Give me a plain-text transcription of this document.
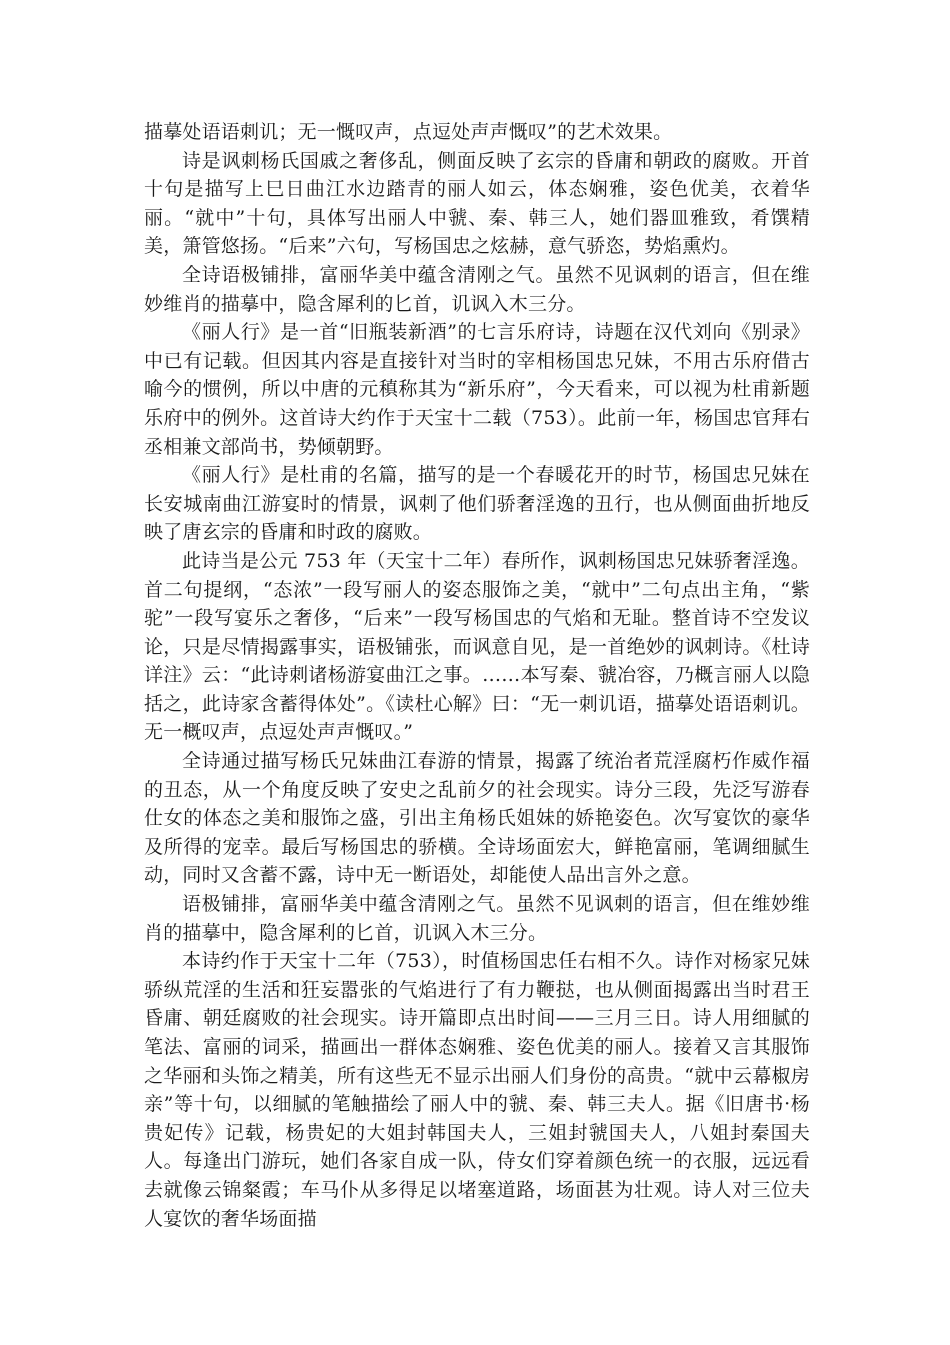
描摹处语语刺讥；无一慨叹声，点逗处声声慨叹”的艺术效果。

诗是讽刺杨氏国戚之奢侈乱，侧面反映了玄宗的昏庸和朝政的腐败。开首十句是描写上巳日曲江水边踏青的丽人如云，体态娴雅，姿色优美，衣着华丽。“就中”十句，具体写出丽人中虢、秦、韩三人，她们器皿雅致，肴馔精美，箫管悠扬。“后来”六句，写杨国忠之炫赫，意气骄恣，势焰熏灼。

全诗语极铺排，富丽华美中蕴含清刚之气。虽然不见讽刺的语言，但在维妙维肖的描摹中，隐含犀利的匕首，讥讽入木三分。

《丽人行》是一首“旧瓶装新酒”的七言乐府诗，诗题在汉代刘向《别录》中已有记载。但因其内容是直接针对当时的宰相杨国忠兄妹，不用古乐府借古喻今的惯例，所以中唐的元稹称其为“新乐府”，今天看来，可以视为杜甫新题乐府中的例外。这首诗大约作于天宝十二载（753）。此前一年，杨国忠官拜右丞相兼文部尚书，势倾朝野。

《丽人行》是杜甫的名篇，描写的是一个春暖花开的时节，杨国忠兄妹在长安城南曲江游宴时的情景，讽刺了他们骄奢淫逸的丑行，也从侧面曲折地反映了唐玄宗的昏庸和时政的腐败。

此诗当是公元 753 年（天宝十二年）春所作，讽刺杨国忠兄妹骄奢淫逸。首二句提纲，“态浓”一段写丽人的姿态服饰之美，“就中”二句点出主角，“紫驼”一段写宴乐之奢侈，“后来”一段写杨国忠的气焰和无耻。整首诗不空发议论，只是尽情揭露事实，语极铺张，而讽意自见，是一首绝妙的讽刺诗。《杜诗详注》云：“此诗刺诸杨游宴曲江之事。……本写秦、虢冶容，乃概言丽人以隐括之，此诗家含蓄得体处”。《读杜心解》曰：“无一刺讥语，描摹处语语刺讥。无一概叹声，点逗处声声慨叹。”

全诗通过描写杨氏兄妹曲江春游的情景，揭露了统治者荒淫腐朽作威作福的丑态，从一个角度反映了安史之乱前夕的社会现实。诗分三段，先泛写游春仕女的体态之美和服饰之盛，引出主角杨氏姐妹的娇艳姿色。次写宴饮的豪华及所得的宠幸。最后写杨国忠的骄横。全诗场面宏大，鲜艳富丽，笔调细腻生动，同时又含蓄不露，诗中无一断语处，却能使人品出言外之意。

语极铺排，富丽华美中蕴含清刚之气。虽然不见讽刺的语言，但在维妙维肖的描摹中，隐含犀利的匕首，讥讽入木三分。

本诗约作于天宝十二年（753），时值杨国忠任右相不久。诗作对杨家兄妹骄纵荒淫的生活和狂妄嚣张的气焰进行了有力鞭挞，也从侧面揭露出当时君王昏庸、朝廷腐败的社会现实。诗开篇即点出时间——三月三日。诗人用细腻的笔法、富丽的词采，描画出一群体态娴雅、姿色优美的丽人。接着又言其服饰之华丽和头饰之精美，所有这些无不显示出丽人们身份的高贵。“就中云幕椒房亲”等十句，以细腻的笔触描绘了丽人中的虢、秦、韩三夫人。据《旧唐书·杨贵妃传》记载，杨贵妃的大姐封韩国夫人，三姐封虢国夫人，八姐封秦国夫人。每逢出门游玩，她们各家自成一队，侍女们穿着颜色统一的衣服，远远看去就像云锦粲霞；车马仆从多得足以堵塞道路，场面甚为壮观。诗人对三位夫人宴饮的奢华场面描
